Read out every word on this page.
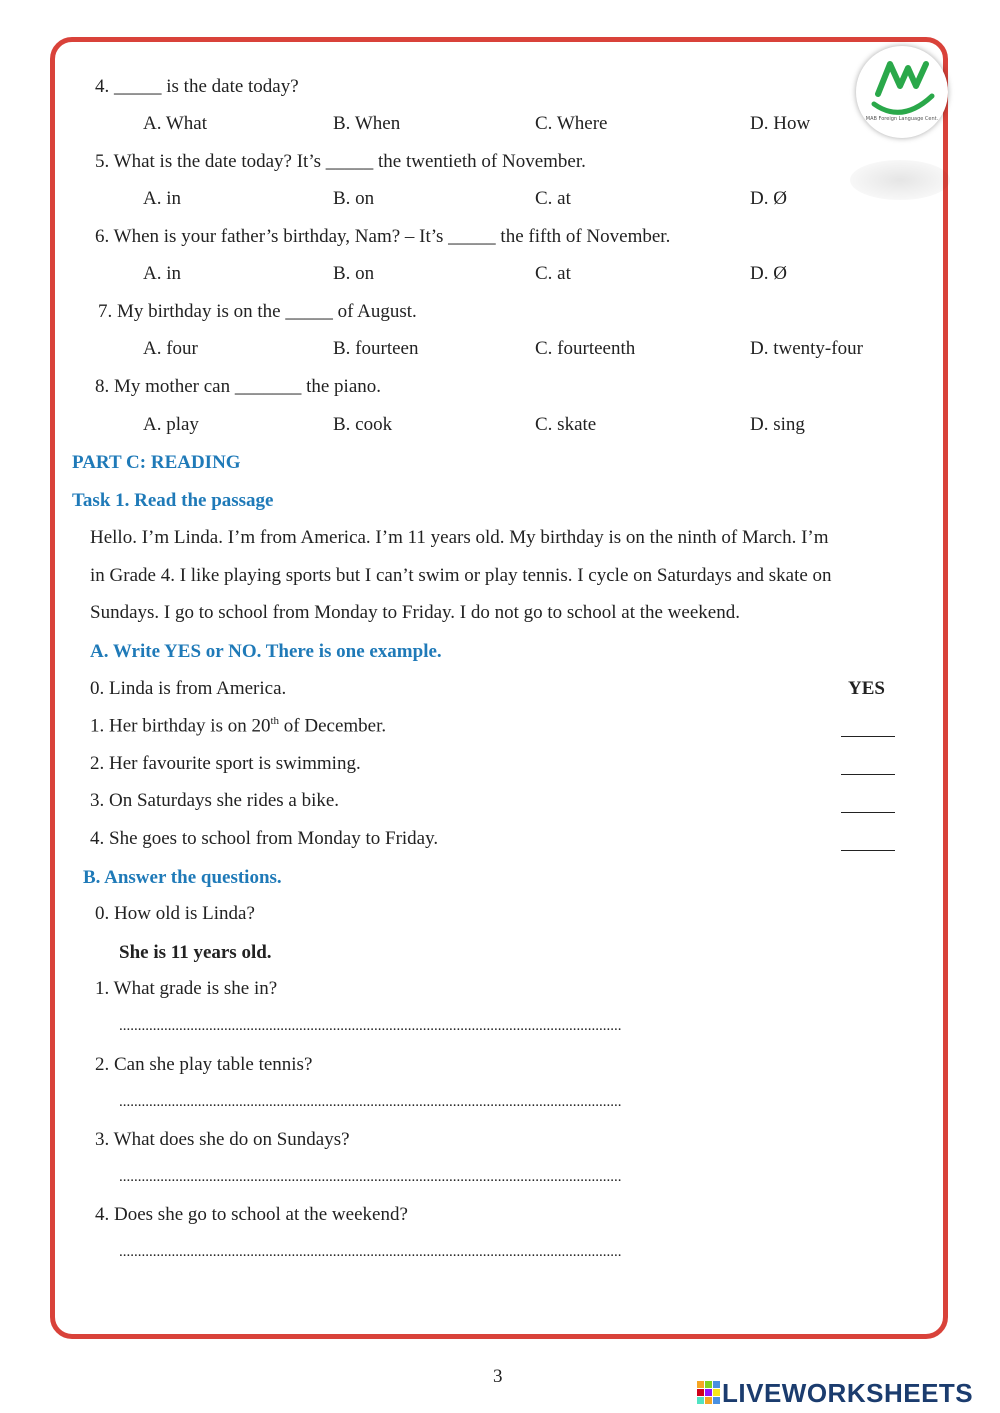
MAB Foreign Language Cent.
4. _____ is the date today?
A. What	B. When	C. Where	D. How
5. What is the date today? It’s _____ the twentieth of November.
A. in	B. on	C. at	D. Ø
6. When is your father’s birthday, Nam? – It’s _____ the fifth of November.
A. in	B. on	C. at	D. Ø
7. My birthday is on the _____ of August.
A. four	B. fourteen	C. fourteenth	D. twenty-four
8. My mother can _______ the piano.
A. play	B. cook	C. skate	D. sing
PART C: READING
Task 1. Read the passage
Hello. I’m Linda. I’m from America. I’m 11 years old. My birthday is on the ninth of March. I’m
in Grade 4. I like playing sports but I can’t swim or play tennis. I cycle on Saturdays and skate on
Sundays. I go to school from Monday to Friday. I do not go to school at the weekend.
A. Write YES or NO. There is one example.
0. Linda is from America.	YES
1. Her birthday is on 20th of December.
2. Her favourite sport is swimming.
3. On Saturdays she rides a bike.
4. She goes to school from Monday to Friday.
B. Answer the questions.
0. How old is Linda?
She is 11 years old.
1. What grade is she in?
......................................................................................................................................
2. Can she play table tennis?
......................................................................................................................................
3. What does she do on Sundays?
......................................................................................................................................
4. Does she go to school at the weekend?
......................................................................................................................................
3
LIVEWORKSHEETS
